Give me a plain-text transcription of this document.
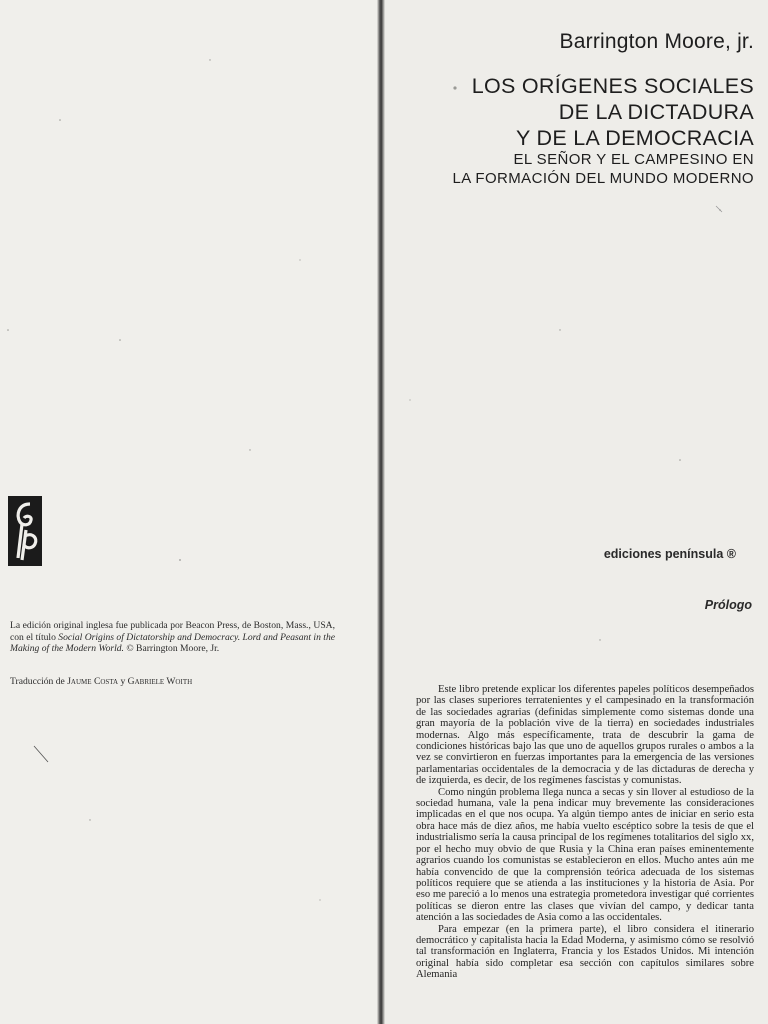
La edición original inglesa fue publicada por Beacon Press, de Boston, Mass., USA, con el título Social Origins of Dictatorship and Democracy. Lord and Peasant in the Making of the Modern World. © Barrington Moore, Jr.

Traducción de Jaume Costa y Gabriele Woith

Barrington Moore, jr.
LOS ORÍGENES SOCIALES
DE LA DICTADURA
Y DE LA DEMOCRACIA
EL SEÑOR Y EL CAMPESINO EN
LA FORMACIÓN DEL MUNDO MODERNO

ediciones península ®

Prólogo

Este libro pretende explicar los diferentes papeles políticos desempeñados por las clases superiores terratenientes y el campesinado en la transformación de las sociedades agrarias (definidas simplemente como sistemas donde una gran mayoría de la población vive de la tierra) en sociedades industriales modernas. Algo más específicamente, trata de descubrir la gama de condiciones históricas bajo las que uno de aquellos grupos rurales o ambos a la vez se convirtieron en fuerzas importantes para la emergencia de las versiones parlamentarias occidentales de la democracia y de las dictaduras de derecha y de izquierda, es decir, de los regímenes fascistas y comunistas.

Como ningún problema llega nunca a secas y sin llover al estudioso de la sociedad humana, vale la pena indicar muy brevemente las consideraciones implicadas en el que nos ocupa. Ya algún tiempo antes de iniciar en serio esta obra hace más de diez años, me había vuelto escéptico sobre la tesis de que el industrialismo sería la causa principal de los regímenes totalitarios del siglo xx, por el hecho muy obvio de que Rusia y la China eran países eminentemente agrarios cuando los comunistas se establecieron en ellos. Mucho antes aún me había convencido de que la comprensión teórica adecuada de los sistemas políticos requiere que se atienda a las instituciones y la historia de Asia. Por eso me pareció a lo menos una estrategia prometedora investigar qué corrientes políticas se dieron entre las clases que vivían del campo, y dedicar tanta atención a las sociedades de Asia como a las occidentales.

Para empezar (en la primera parte), el libro considera el itinerario democrático y capitalista hacia la Edad Moderna, y asimismo cómo se resolvió tal transformación en Inglaterra, Francia y los Estados Unidos. Mi intención original había sido completar esa sección con capítulos similares sobre Alemania
